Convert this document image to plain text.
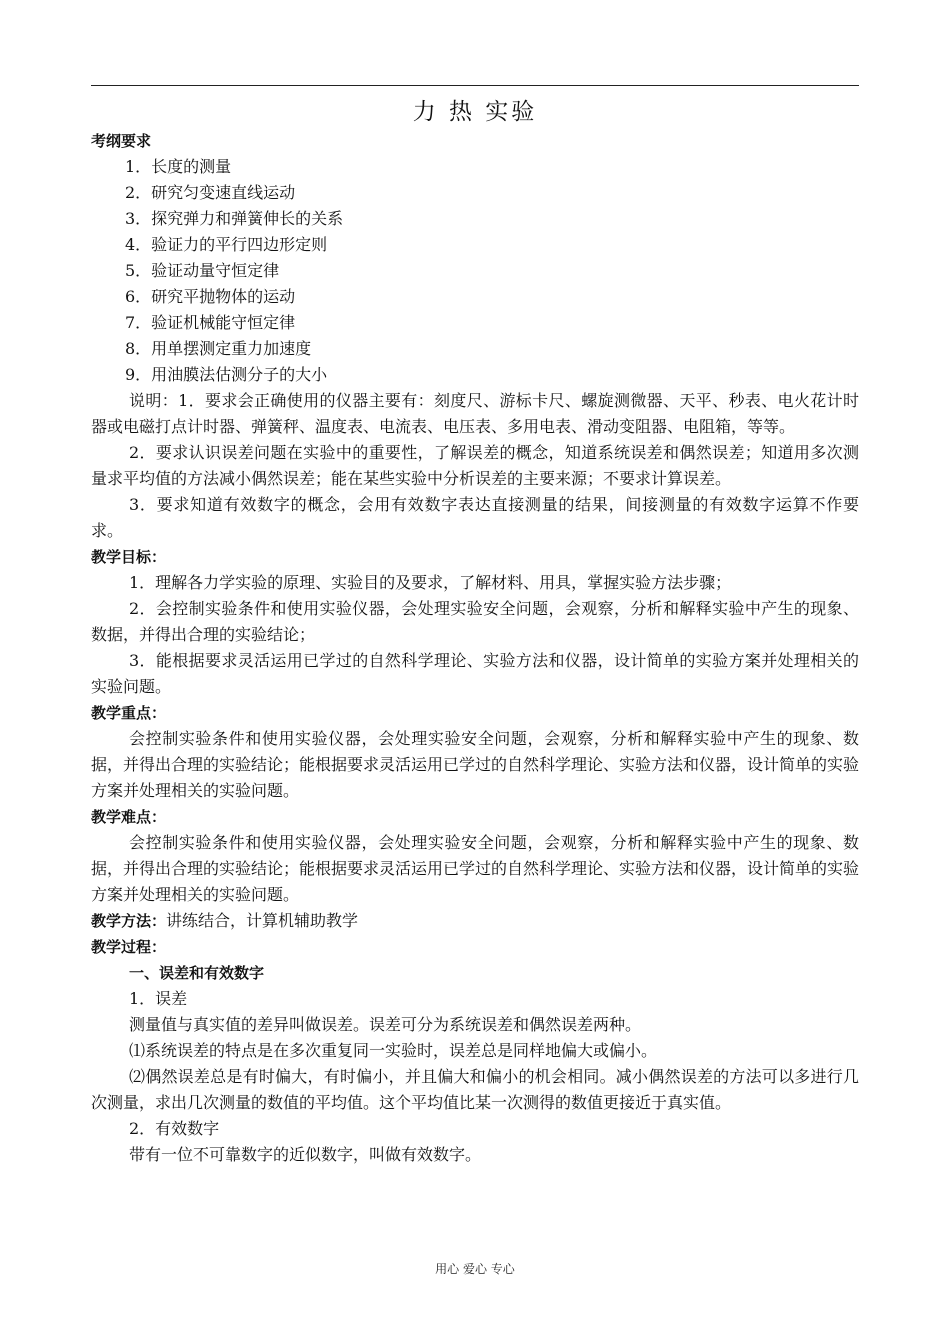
力 热 实验
考纲要求
1．长度的测量
2．研究匀变速直线运动
3．探究弹力和弹簧伸长的关系
4．验证力的平行四边形定则
5．验证动量守恒定律
6．研究平抛物体的运动
7．验证机械能守恒定律
8．用单摆测定重力加速度
9．用油膜法估测分子的大小
说明：1．要求会正确使用的仪器主要有：刻度尺、游标卡尺、螺旋测微器、天平、秒表、电火花计时器或电磁打点计时器、弹簧秤、温度表、电流表、电压表、多用电表、滑动变阻器、电阻箱，等等。
2．要求认识误差问题在实验中的重要性，了解误差的概念，知道系统误差和偶然误差；知道用多次测量求平均值的方法减小偶然误差；能在某些实验中分析误差的主要来源；不要求计算误差。
3．要求知道有效数字的概念，会用有效数字表达直接测量的结果，间接测量的有效数字运算不作要求。
教学目标：
1．理解各力学实验的原理、实验目的及要求，了解材料、用具，掌握实验方法步骤；
2．会控制实验条件和使用实验仪器，会处理实验安全问题，会观察，分析和解释实验中产生的现象、数据，并得出合理的实验结论；
3．能根据要求灵活运用已学过的自然科学理论、实验方法和仪器，设计简单的实验方案并处理相关的实验问题。
教学重点：
会控制实验条件和使用实验仪器，会处理实验安全问题，会观察，分析和解释实验中产生的现象、数据，并得出合理的实验结论；能根据要求灵活运用已学过的自然科学理论、实验方法和仪器，设计简单的实验方案并处理相关的实验问题。
教学难点：
会控制实验条件和使用实验仪器，会处理实验安全问题，会观察，分析和解释实验中产生的现象、数据，并得出合理的实验结论；能根据要求灵活运用已学过的自然科学理论、实验方法和仪器，设计简单的实验方案并处理相关的实验问题。
教学方法：讲练结合，计算机辅助教学
教学过程：
一、误差和有效数字
1．误差
测量值与真实值的差异叫做误差。误差可分为系统误差和偶然误差两种。
⑴系统误差的特点是在多次重复同一实验时，误差总是同样地偏大或偏小。
⑵偶然误差总是有时偏大，有时偏小，并且偏大和偏小的机会相同。减小偶然误差的方法可以多进行几次测量，求出几次测量的数值的平均值。这个平均值比某一次测得的数值更接近于真实值。
2．有效数字
带有一位不可靠数字的近似数字，叫做有效数字。
用心 爱心 专心
